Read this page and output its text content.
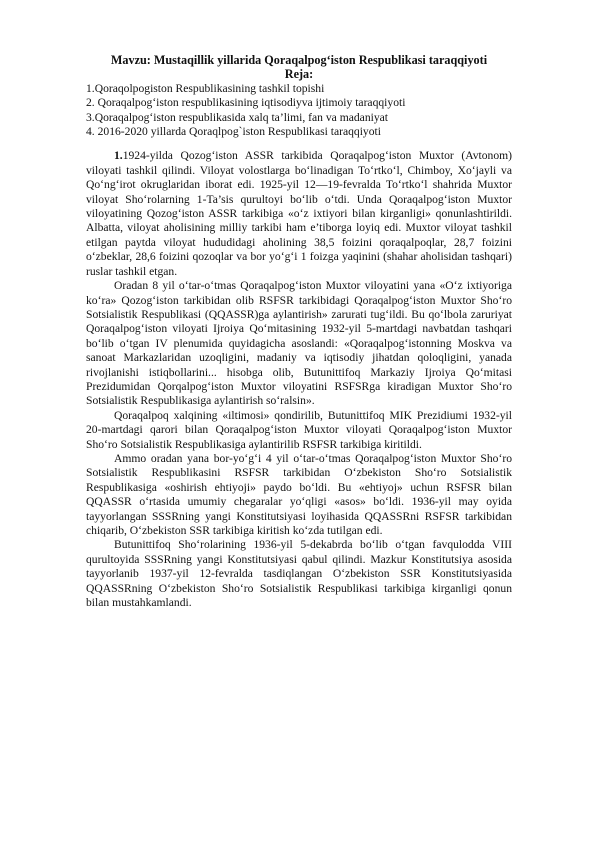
Mavzu: Mustaqillik yillarida Qoraqalpog‘iston Respublikasi taraqqiyoti

Reja:

1.Qoraqolpogiston Respublikasining tashkil topishi
2. Qoraqalpog‘iston respublikasining iqtisodiyva ijtimoiy taraqqiyoti
3.Qoraqalpog‘iston respublikasida xalq ta’limi, fan va madaniyat
4. 2016-2020 yillarda Qoraqlpog`iston Respublikasi taraqqiyoti

1.1924-yilda Qozog‘iston ASSR tarkibida Qoraqalpog‘iston Muxtor (Avtonom) viloyati tashkil qilindi. Viloyat volostlarga bo‘linadigan To‘rtko‘l, Chimboy, Xo‘jayli va Qo‘ng‘irot okruglaridan iborat edi. 1925-yil 12—19-fevralda To‘rtko‘l shahrida Muxtor viloyat Sho‘rolarning 1-Ta’sis qurultoyi bo‘lib o‘tdi. Unda Qoraqalpog‘iston Muxtor viloyatining Qozog‘iston ASSR tarkibiga «o‘z ixtiyori bilan kirganligi» qonunlashtirildi. Albatta, viloyat aholisining milliy tarkibi ham e’tiborga loyiq edi. Muxtor viloyat tashkil etilgan paytda viloyat hududidagi aholining 38,5 foizini qoraqalpoqlar, 28,7 foizini o‘zbeklar, 28,6 foizini qozoqlar va bor yo‘g‘i 1 foizga yaqinini (shahar aholisidan tashqari) ruslar tashkil etgan.

Oradan 8 yil o‘tar-o‘tmas Qoraqalpog‘iston Muxtor viloyatini yana «O‘z ixtiyoriga ko‘ra» Qozog‘iston tarkibidan olib RSFSR tarkibidagi Qoraqalpog‘iston Muxtor Sho‘ro Sotsialistik Respublikasi (QQASSR)ga aylantirish» zarurati tug‘ildi. Bu qo‘lbola zaruriyat Qoraqalpog‘iston viloyati Ijroiya Qo‘mitasining 1932-yil 5-martdagi navbatdan tashqari bo‘lib o‘tgan IV plenumida quyidagicha asoslandi: «Qoraqalpog‘istonning Moskva va sanoat Markazlaridan uzoqligini, madaniy va iqtisodiy jihatdan qoloqligini, yanada rivojlanishi istiqbollarini... hisobga olib, Butunittifoq Markaziy Ijroiya Qo‘mitasi Prezidumidan Qorqalpog‘iston Muxtor viloyatini RSFSRga kiradigan Muxtor Sho‘ro Sotsialistik Respublikasiga aylantirish so‘ralsin».

Qoraqalpoq xalqining «iltimosi» qondirilib, Butunittifoq MIK Prezidiumi 1932-yil 20-martdagi qarori bilan Qoraqalpog‘iston Muxtor viloyati Qoraqalpog‘iston Muxtor Sho‘ro Sotsialistik Respublikasiga aylantirilib RSFSR tarkibiga kiritildi.

Ammo oradan yana bor-yo‘g‘i 4 yil o‘tar-o‘tmas Qoraqalpog‘iston Muxtor Sho‘ro Sotsialistik Respublikasini RSFSR tarkibidan O‘zbekiston Sho‘ro Sotsialistik Respublikasiga «oshirish ehtiyoji» paydo bo‘ldi. Bu «ehtiyoj» uchun RSFSR bilan QQASSR o‘rtasida umumiy chegaralar yo‘qligi «asos» bo‘ldi. 1936-yil may oyida tayyorlangan SSSRning yangi Konstitutsiyasi loyihasida QQASSRni RSFSR tarkibidan chiqarib, O‘zbekiston SSR tarkibiga kiritish ko‘zda tutilgan edi.

Butunittifoq Sho‘rolarining 1936-yil 5-dekabrda bo‘lib o‘tgan favqulodda VIII qurultoyida SSSRning yangi Konstitutsiyasi qabul qilindi. Mazkur Konstitutsiya asosida tayyorlanib 1937-yil 12-fevralda tasdiqlangan O‘zbekiston SSR Konstitutsiyasida QQASSRning O‘zbekiston Sho‘ro Sotsialistik Respublikasi tarkibiga kirganligi qonun bilan mustahkamlandi.
